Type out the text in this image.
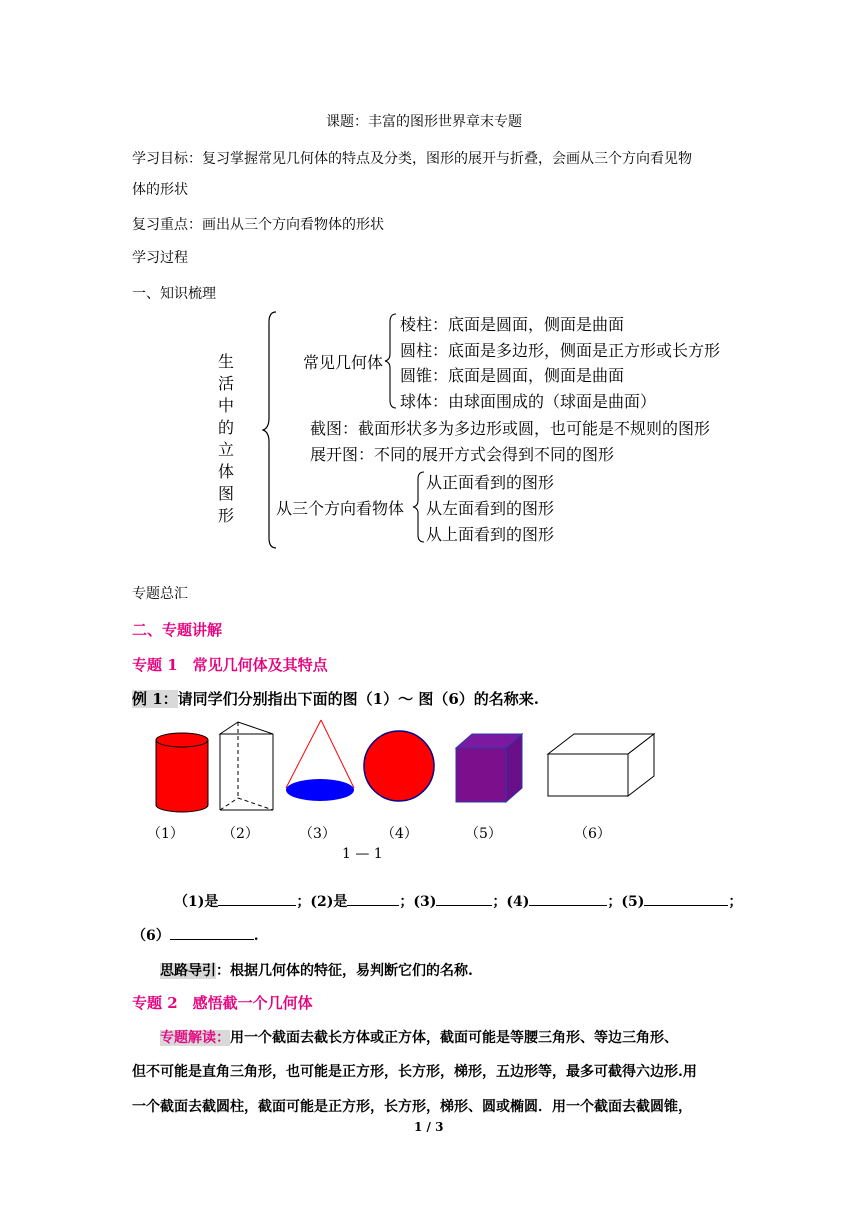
课题：丰富的图形世界章末专题
学习目标：复习掌握常见几何体的特点及分类，图形的展开与折叠，会画从三个方向看见物
体的形状
复习重点：画出从三个方向看物体的形状
学习过程
一、知识梳理
生
活
中
的
立
体
图
形
常见几何体
棱柱：底面是圆面，侧面是曲面
圆柱：底面是多边形，侧面是正方形或长方形
圆锥：底面是圆面，侧面是曲面
球体：由球面围成的（球面是曲面）
截图：截面形状多为多边形或圆，也可能是不规则的图形
展开图：不同的展开方式会得到不同的图形
从三个方向看物体
从正面看到的图形
从左面看到的图形
从上面看到的图形
专题总汇
二、专题讲解
专题 1　常见几何体及其特点
例 1：请同学们分别指出下面的图（1）～ 图（6）的名称来.
（1）	（2）	（3）	（4）	（5）	（6）
1 — 1
（1)是	；(2)是	；(3)	；(4)	；(5)	；
（6）	.
思路导引：根据几何体的特征，易判断它们的名称.
专题 2　感悟截一个几何体
专题解读：用一个截面去截长方体或正方体，截面可能是等腰三角形、等边三角形、
但不可能是直角三角形，也可能是正方形，长方形，梯形，五边形等，最多可截得六边形.用
一个截面去截圆柱，截面可能是正方形，长方形，梯形、圆或椭圆．用一个截面去截圆锥，
1 / 3
